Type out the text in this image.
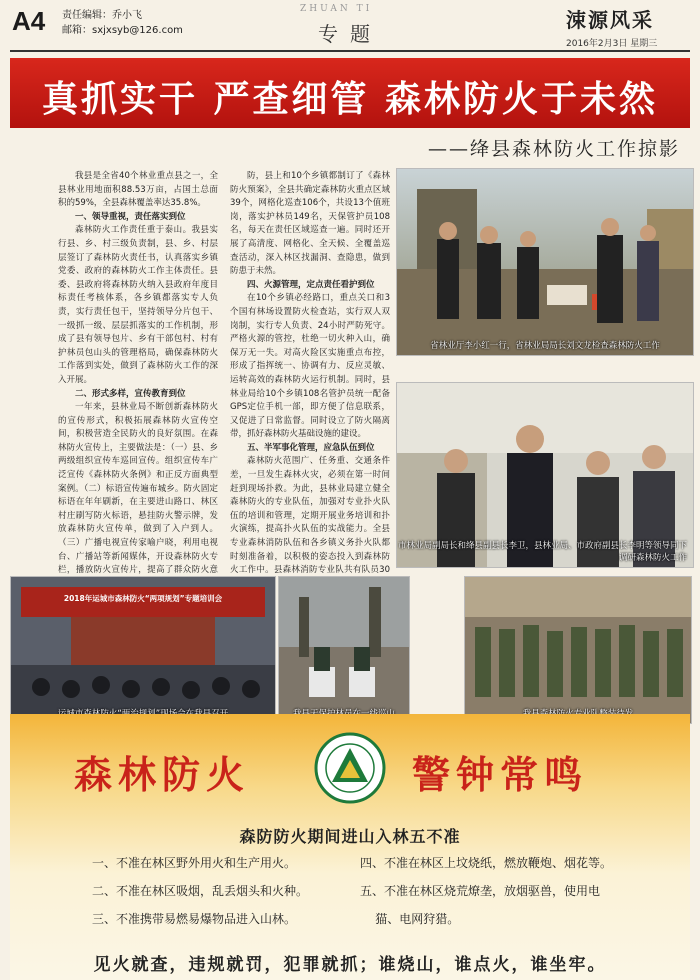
A4 责任编辑：乔小飞
邮箱：sxjxsyb@126.com
ZHUAN TI
专题
涑源风采
2016年2月3日 星期三
真抓实干 严查细管 森林防火于未然
——绛县森林防火工作掠影

我县是全省40个林业重点县之一，全县林业用地面积88.53万亩，占国土总面积的59%，全县森林覆盖率达35.8%。

一、领导重视，责任落实到位

森林防火工作责任重于泰山。我县实行县、乡、村三级负责制，县、乡、村层层签订了森林防火责任书，认真落实乡镇党委、政府的森林防火工作主体责任。县委、县政府将森林防火纳入县政府年度目标责任考核体系，各乡镇都落实专人负责，实行责任包干，坚持领导分片包干、一级抓一级、层层抓落实的工作机制，形成了县有领导包片、乡有干部包村、村有护林员包山头的管理格局，确保森林防火工作落到实处，做到了森林防火工作的深入开展。

二、形式多样，宣传教育到位

一年来，县林业局不断创新森林防火的宣传形式，积极拓展森林防火宣传空间，积极营造全民防火的良好氛围。在森林防火宣传上，主要做法是：（一）县、乡两级组织宣传车巡回宣传。组织宣传车广泛宣传《森林防火条例》和正反方面典型案例。（二）标语宣传遍布城乡。防火固定标语在年年刷新，在主要进山路口、林区村庄刷写防火标语，悬挂防火警示牌，发放森林防火宣传单，做到了入户到人。（三）广播电视宣传家喻户晓，利用电视台、广播站等新闻媒体，开设森林防火专栏，播放防火宣传片，提高了群众防火意

防，县上和10个乡镇都制订了《森林防火预案》，全县共确定森林防火重点区域39个，网格化巡查106个，共设13个值班岗，落实护林员149名，天保管护员108名，每天在责任区域巡查一遍。同时还开展了高清度、网格化、全天候、全覆盖巡查活动，深入林区找漏洞、查隐患，做到防患于未然。

四、火源管理，定点责任看护到位

在10个乡镇必经路口，重点关口和3个国有林场设置防火检查站，实行双人双岗制，实行专人负责、24小时严防死守。严格火源的管控，杜绝一切火种入山，确保万无一失。对高火险区实施重点布控，形成了指挥统一、协调有力、反应灵敏、运转高效的森林防火运行机制。同时，县林业局给10个乡镇108名管护员统一配备GPS定位手机一部，即方便了信息联系，又促进了日常监督。同时设立了防火隔离带，抓好森林防火基础设施的建设。

五、半军事化管理，应急队伍到位

森林防火范围广、任务重、交通条件差，一旦发生森林火灾，必须在第一时间赶到现场扑救。为此，县林业局建立健全森林防火的专业队伍，加强对专业扑火队伍的培训和管理，定期开展业务培训和扑火演练，提高扑火队伍的实战能力。全县专业森林消防队伍和各乡镇义务扑火队都时刻准备着，以积极的姿态投入到森林防火工作中。县森林消防专业队共有队员30

省林业厅李小红一行，省林业局局长刘文龙检查森林防火工作
市林业局副局长和绛县副县长李卫，县林业局、市政府副县长李明等领导同下调研森林防火工作
2018年运城市森林防火“两项规划”专题培训会
森林防火	警钟常鸣
森防防火期间进山入林五不准
一、不准在林区野外用火和生产用火。
二、不准在林区吸烟，乱丢烟头和火种。
三、不准携带易燃易爆物品进入山林。
四、不准在林区上坟烧纸，燃放鞭炮、烟花等。
五、不准在林区烧荒燎垄，放烟驱兽，使用电
猫、电网狩猎。
见火就查，违规就罚，犯罪就抓；谁烧山，谁点火，谁坐牢。
